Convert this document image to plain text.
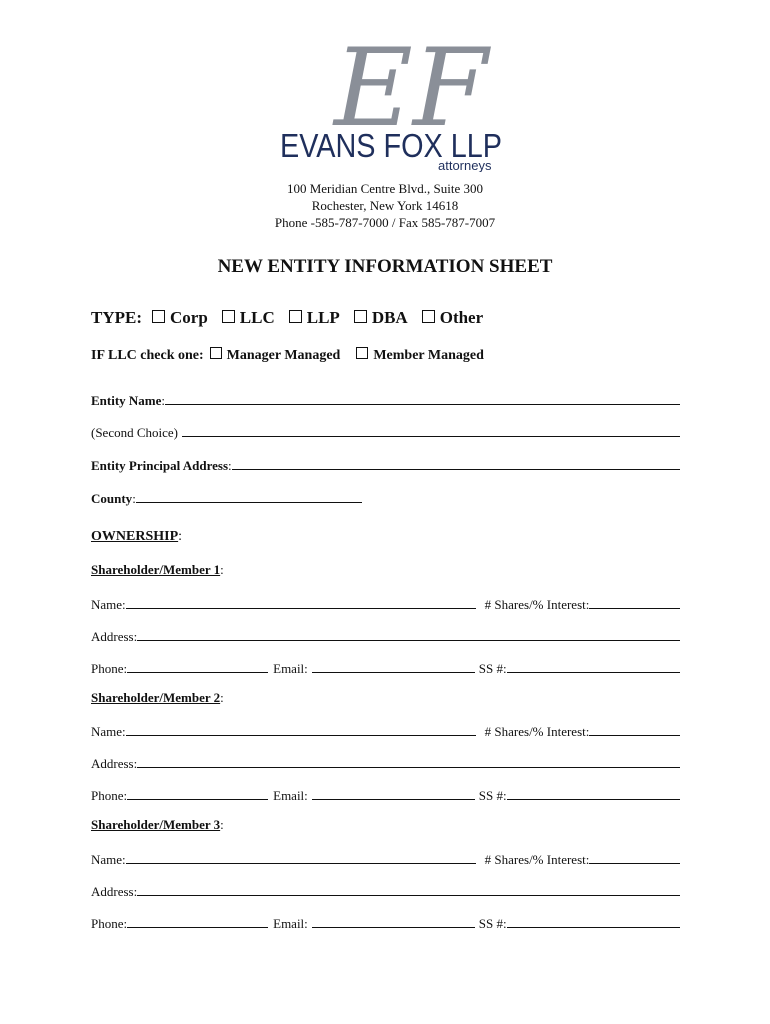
EF
EVANS FOX LLP
attorneys
100 Meridian Centre Blvd., Suite 300
Rochester, New York 14618
Phone -585-787-7000 / Fax 585-787-7007
NEW ENTITY INFORMATION SHEET
TYPE: Corp LLC LLP DBA Other
IF LLC check one: Manager Managed Member Managed
Entity Name :
(Second Choice)
Entity Principal Address :
County :
OWNERSHIP :
Shareholder/Member 1 :
Name:	# Shares/% Interest:
Address:
Phone:	Email:	SS #:
Shareholder/Member 2 :
Name:	# Shares/% Interest:
Address:
Phone:	Email:	SS #:
Shareholder/Member 3 :
Name:	# Shares/% Interest:
Address:
Phone:	Email:	SS #:
